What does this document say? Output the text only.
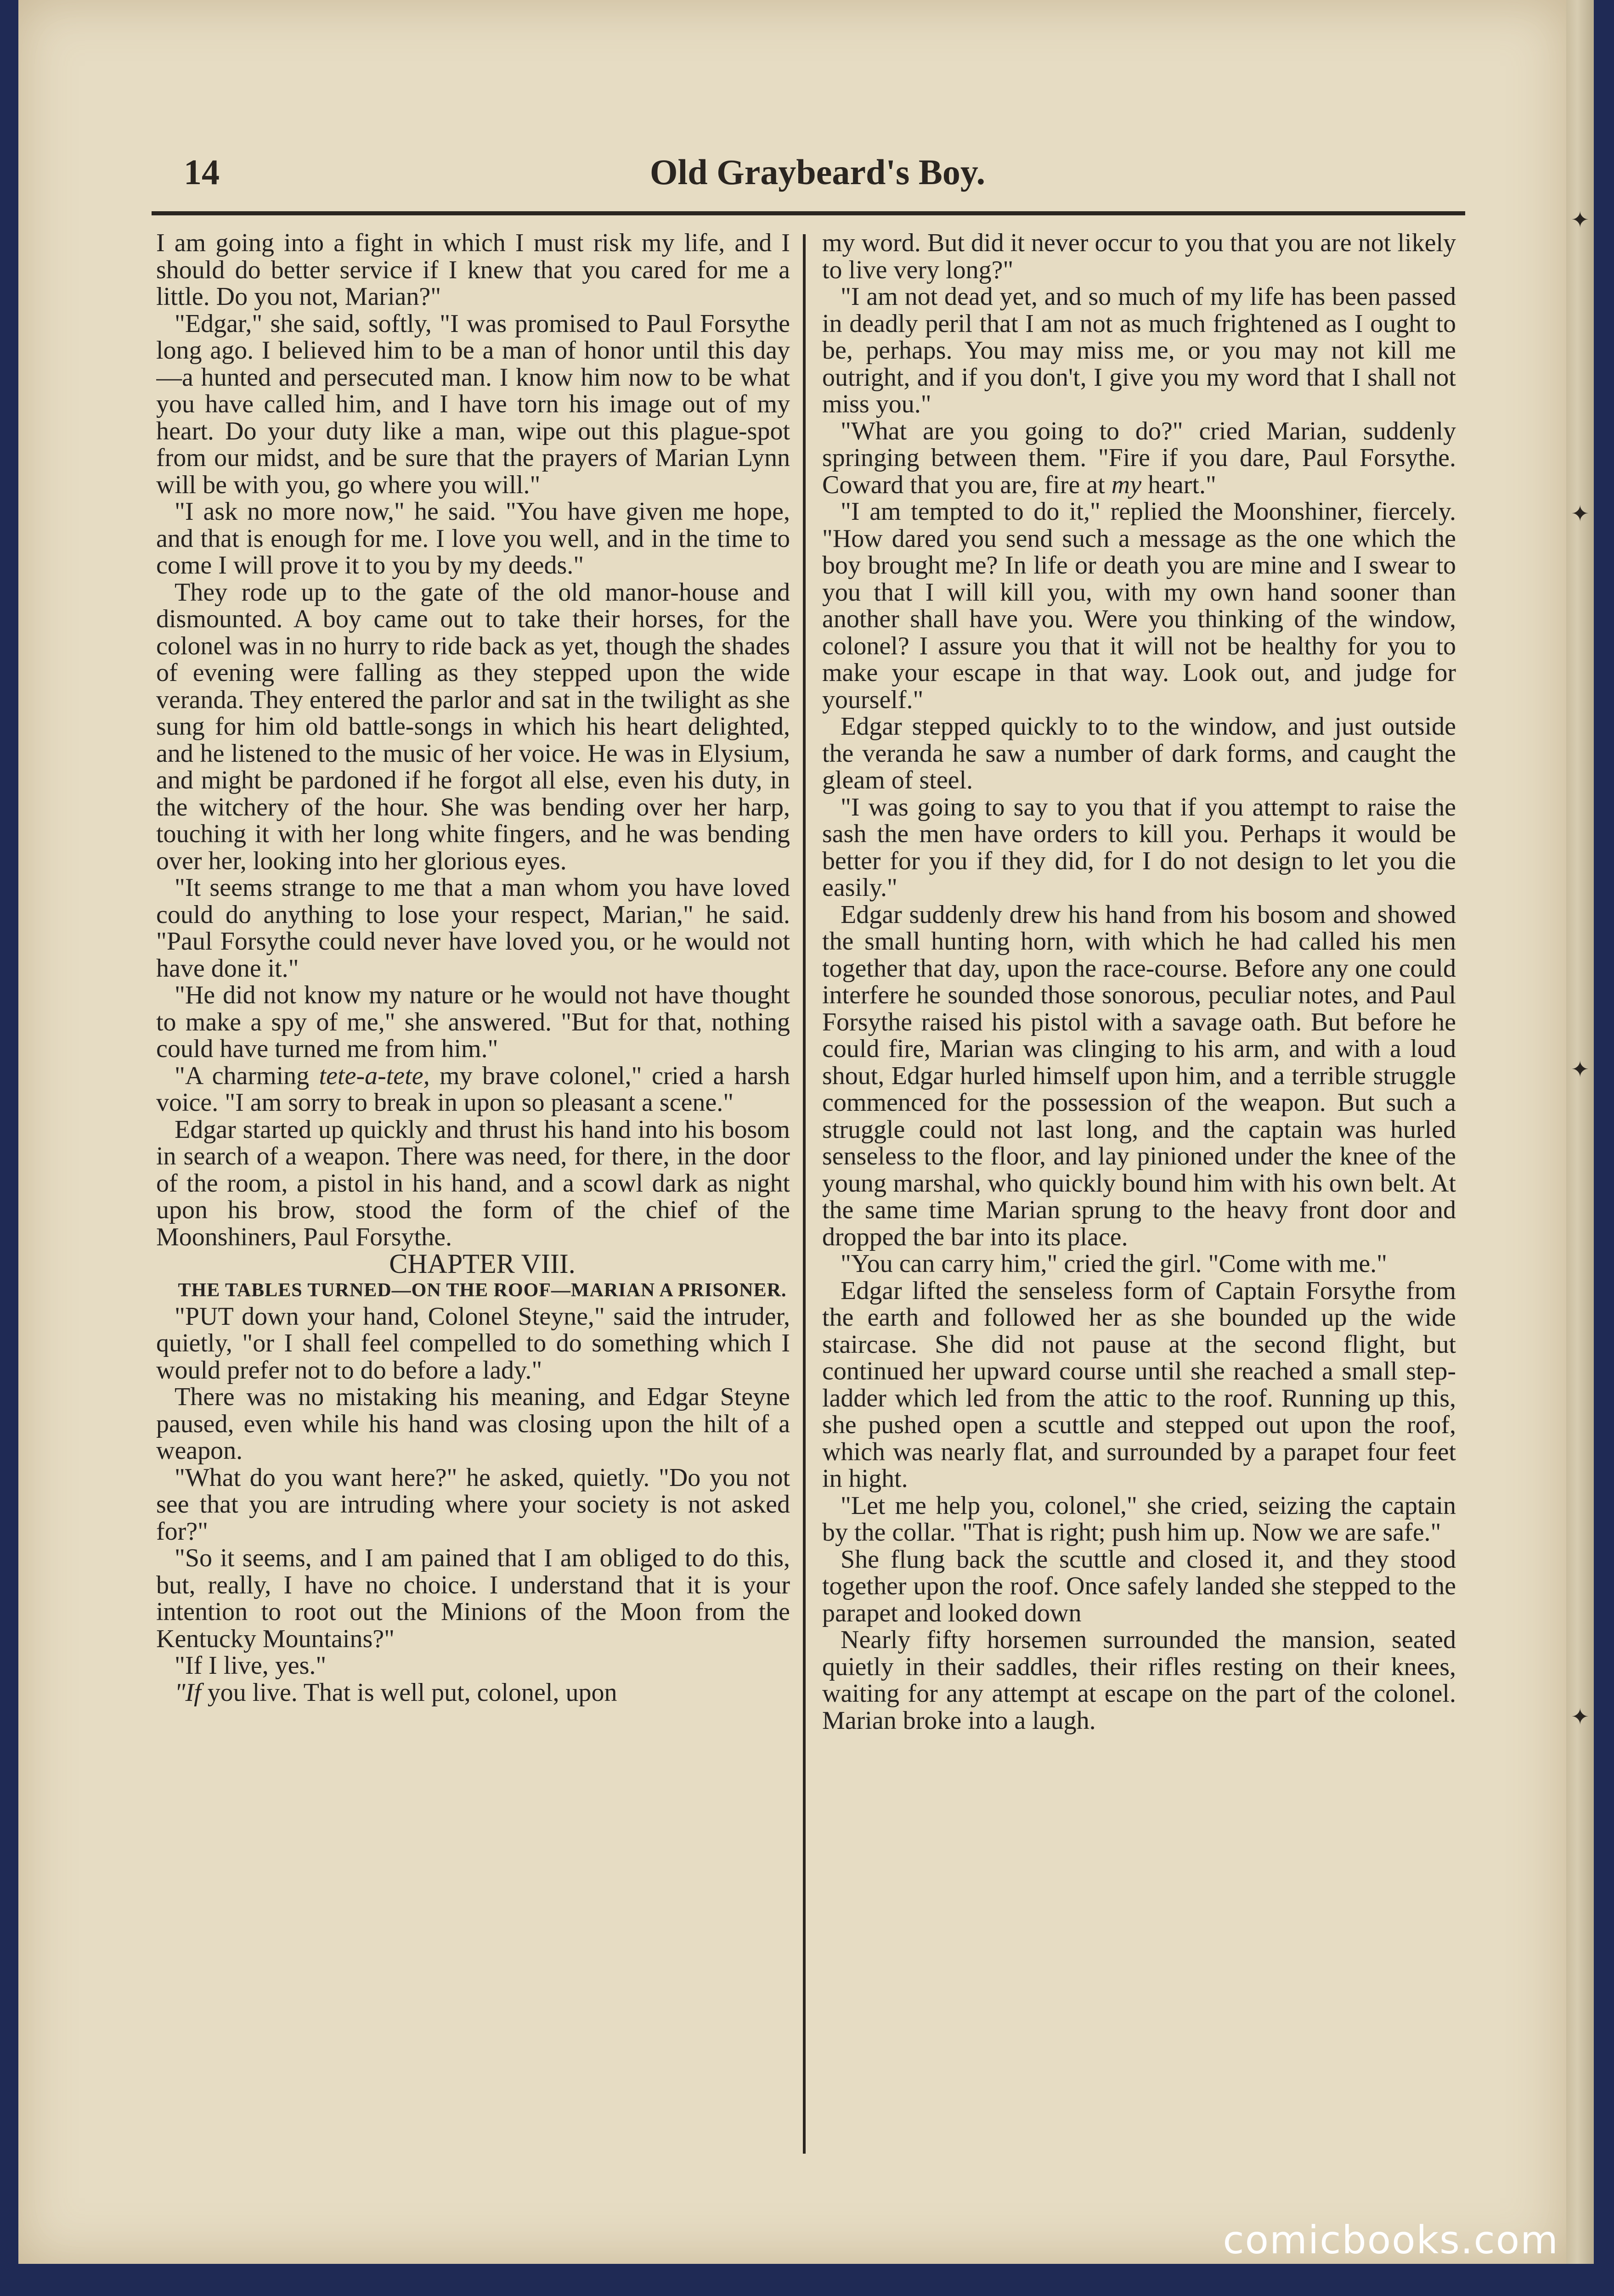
14	Old Graybeard's Boy.

I am going into a fight in which I must risk my life, and I should do better service if I knew that you cared for me a little. Do you not, Marian?"

"Edgar," she said, softly, "I was promised to Paul Forsythe long ago. I believed him to be a man of honor until this day—a hunted and persecuted man. I know him now to be what you have called him, and I have torn his image out of my heart. Do your duty like a man, wipe out this plague-spot from our midst, and be sure that the prayers of Marian Lynn will be with you, go where you will."

"I ask no more now," he said. "You have given me hope, and that is enough for me. I love you well, and in the time to come I will prove it to you by my deeds."

They rode up to the gate of the old manor-house and dismounted. A boy came out to take their horses, for the colonel was in no hurry to ride back as yet, though the shades of evening were falling as they stepped upon the wide veranda. They entered the parlor and sat in the twilight as she sung for him old battle-songs in which his heart delighted, and he listened to the music of her voice. He was in Elysium, and might be pardoned if he forgot all else, even his duty, in the witchery of the hour. She was bending over her harp, touching it with her long white fingers, and he was bending over her, looking into her glorious eyes.

"It seems strange to me that a man whom you have loved could do anything to lose your respect, Marian," he said. "Paul Forsythe could never have loved you, or he would not have done it."

"He did not know my nature or he would not have thought to make a spy of me," she answered. "But for that, nothing could have turned me from him."

"A charming tete-a-tete, my brave colonel," cried a harsh voice. "I am sorry to break in upon so pleasant a scene."

Edgar started up quickly and thrust his hand into his bosom in search of a weapon. There was need, for there, in the door of the room, a pistol in his hand, and a scowl dark as night upon his brow, stood the form of the chief of the Moonshiners, Paul Forsythe.

CHAPTER VIII.

THE TABLES TURNED—ON THE ROOF—MARIAN A PRISONER.

"PUT down your hand, Colonel Steyne," said the intruder, quietly, "or I shall feel compelled to do something which I would prefer not to do before a lady."

There was no mistaking his meaning, and Edgar Steyne paused, even while his hand was closing upon the hilt of a weapon.

"What do you want here?" he asked, quietly. "Do you not see that you are intruding where your society is not asked for?"

"So it seems, and I am pained that I am obliged to do this, but, really, I have no choice. I understand that it is your intention to root out the Minions of the Moon from the Kentucky Mountains?"

"If I live, yes."

"If you live. That is well put, colonel, upon

my word. But did it never occur to you that you are not likely to live very long?"

"I am not dead yet, and so much of my life has been passed in deadly peril that I am not as much frightened as I ought to be, perhaps. You may miss me, or you may not kill me outright, and if you don't, I give you my word that I shall not miss you."

"What are you going to do?" cried Marian, suddenly springing between them. "Fire if you dare, Paul Forsythe. Coward that you are, fire at my heart."

"I am tempted to do it," replied the Moonshiner, fiercely. "How dared you send such a message as the one which the boy brought me? In life or death you are mine and I swear to you that I will kill you, with my own hand sooner than another shall have you. Were you thinking of the window, colonel? I assure you that it will not be healthy for you to make your escape in that way. Look out, and judge for yourself."

Edgar stepped quickly to to the window, and just outside the veranda he saw a number of dark forms, and caught the gleam of steel.

"I was going to say to you that if you attempt to raise the sash the men have orders to kill you. Perhaps it would be better for you if they did, for I do not design to let you die easily."

Edgar suddenly drew his hand from his bosom and showed the small hunting horn, with which he had called his men together that day, upon the race-course. Before any one could interfere he sounded those sonorous, peculiar notes, and Paul Forsythe raised his pistol with a savage oath. But before he could fire, Marian was clinging to his arm, and with a loud shout, Edgar hurled himself upon him, and a terrible struggle commenced for the possession of the weapon. But such a struggle could not last long, and the captain was hurled senseless to the floor, and lay pinioned under the knee of the young marshal, who quickly bound him with his own belt. At the same time Marian sprung to the heavy front door and dropped the bar into its place.

"You can carry him," cried the girl. "Come with me."

Edgar lifted the senseless form of Captain Forsythe from the earth and followed her as she bounded up the wide staircase. She did not pause at the second flight, but continued her upward course until she reached a small step-ladder which led from the attic to the roof. Running up this, she pushed open a scuttle and stepped out upon the roof, which was nearly flat, and surrounded by a parapet four feet in hight.

"Let me help you, colonel," she cried, seizing the captain by the collar. "That is right; push him up. Now we are safe."

She flung back the scuttle and closed it, and they stood together upon the roof. Once safely landed she stepped to the parapet and looked down

Nearly fifty horsemen surrounded the mansion, seated quietly in their saddles, their rifles resting on their knees, waiting for any attempt at escape on the part of the colonel. Marian broke into a laugh.

✦
✦
✦
✦
comicbooks.com
